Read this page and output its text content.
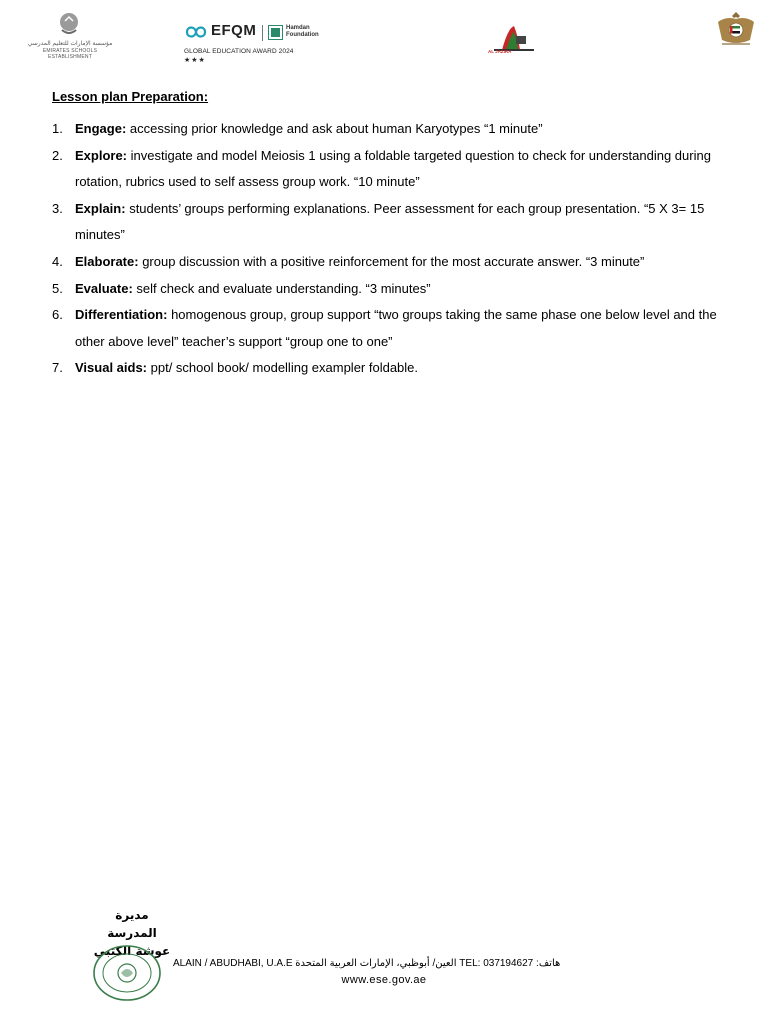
مؤسسة الإمارات للتعليم المدرسي
EMIRATES SCHOOLS ESTABLISHMENT
EFQM	Hamdan
Foundation
GLOBAL EDUCATION AWARD 2024
★★★
AL JAZIRA
Lesson plan Preparation:
1. Engage: accessing prior knowledge and ask about human Karyotypes “1 minute”
2. Explore: investigate and model Meiosis 1 using a foldable targeted question to check for understanding during rotation, rubrics used to self assess group work. “10 minute”
3. Explain: students’ groups performing explanations. Peer assessment for each group presentation. “5 X 3= 15 minutes”
4. Elaborate: group discussion with a positive reinforcement for the most accurate answer. “3 minute”
5. Evaluate: self check and evaluate understanding. “3 minutes”
6. Differentiation: homogenous group, group support “two groups taking the same phase one below level and the other above level” teacher’s support “group one to one”
7. Visual aids: ppt/ school book/ modelling exampler foldable.
مديرة المدرسة
عوشة الكتبي
ALAIN / ABUDHABI, U.A.E العين/ أبوظبي، الإمارات العربية المتحدة TEL: 037194627 :هاتف
www.ese.gov.ae
